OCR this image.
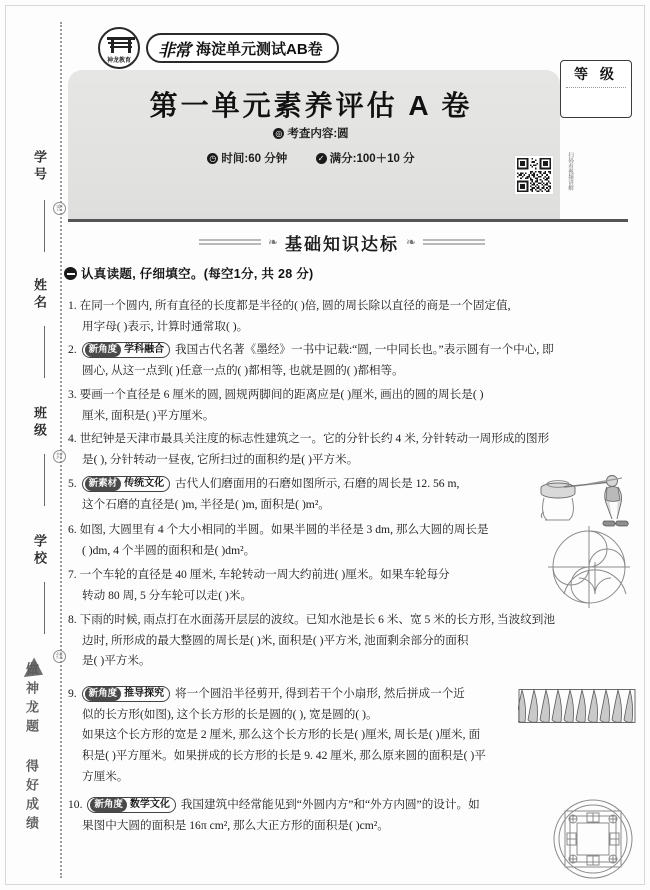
学号
姓名
班级
学校
做神龙题 得好成绩
密
封
线
等 级
神龙教育
非常 海淀单元测试AB卷
第一单元素养评估 A 卷
◎ 考查内容:圆
◷ 时间:60 分钟	✓ 满分:100＋10 分	扫码看视频讲解
❧ 基础知识达标 ❧
认真读题, 仔细填空。(每空1分, 共 28 分)

1. 在同一个圆内, 所有直径的长度都是半径的( )倍, 圆的周长除以直径的商是一个固定值,

用字母( )表示, 计算时通常取( )。

2. 新角度 学科融合 我国古代名著《墨经》一书中记载:“圆, 一中同长也。”表示圆有一个中心, 即

圆心, 从这一点到( )任意一点的( )都相等, 也就是圆的( )都相等。

3. 要画一个直径是 6 厘米的圆, 圆规两脚间的距离应是( )厘米, 画出的圆的周长是( )

厘米, 面积是( )平方厘米。

4. 世纪钟是天津市最具关注度的标志性建筑之一。它的分针长约 4 米, 分针转动一周形成的图形

是( ), 分针转动一昼夜, 它所扫过的面积约是( )平方米。

5. 新素材 传统文化 古代人们磨面用的石磨如图所示, 石磨的周长是 12. 56 m,

这个石磨的直径是( )m, 半径是( )m, 面积是( )m²。

6. 如图, 大圆里有 4 个大小相同的半圆。如果半圆的半径是 3 dm, 那么大圆的周长是

( )dm, 4 个半圆的面积和是( )dm²。

7. 一个车轮的直径是 40 厘米, 车轮转动一周大约前进( )厘米。如果车轮每分

转动 80 周, 5 分车轮可以走( )米。

8. 下雨的时候, 雨点打在水面荡开层层的波纹。已知水池是长 6 米、宽 5 米的长方形, 当波纹到池

边时, 所形成的最大整圆的周长是( )米, 面积是( )平方米, 池面剩余部分的面积

是( )平方米。

9. 新角度 推导探究 将一个圆沿半径剪开, 得到若干个小扇形, 然后拼成一个近

似的长方形(如图), 这个长方形的长是圆的( ), 宽是圆的( )。

如果这个长方形的宽是 2 厘米, 那么这个长方形的长是( )厘米, 周长是( )厘米, 面

积是( )平方厘米。如果拼成的长方形的长是 9. 42 厘米, 那么原来圆的面积是( )平

方厘米。

10. 新角度 数学文化 我国建筑中经常能见到“外圆内方”和“外方内圆”的设计。如

果图中大圆的面积是 16π cm², 那么大正方形的面积是( )cm²。
